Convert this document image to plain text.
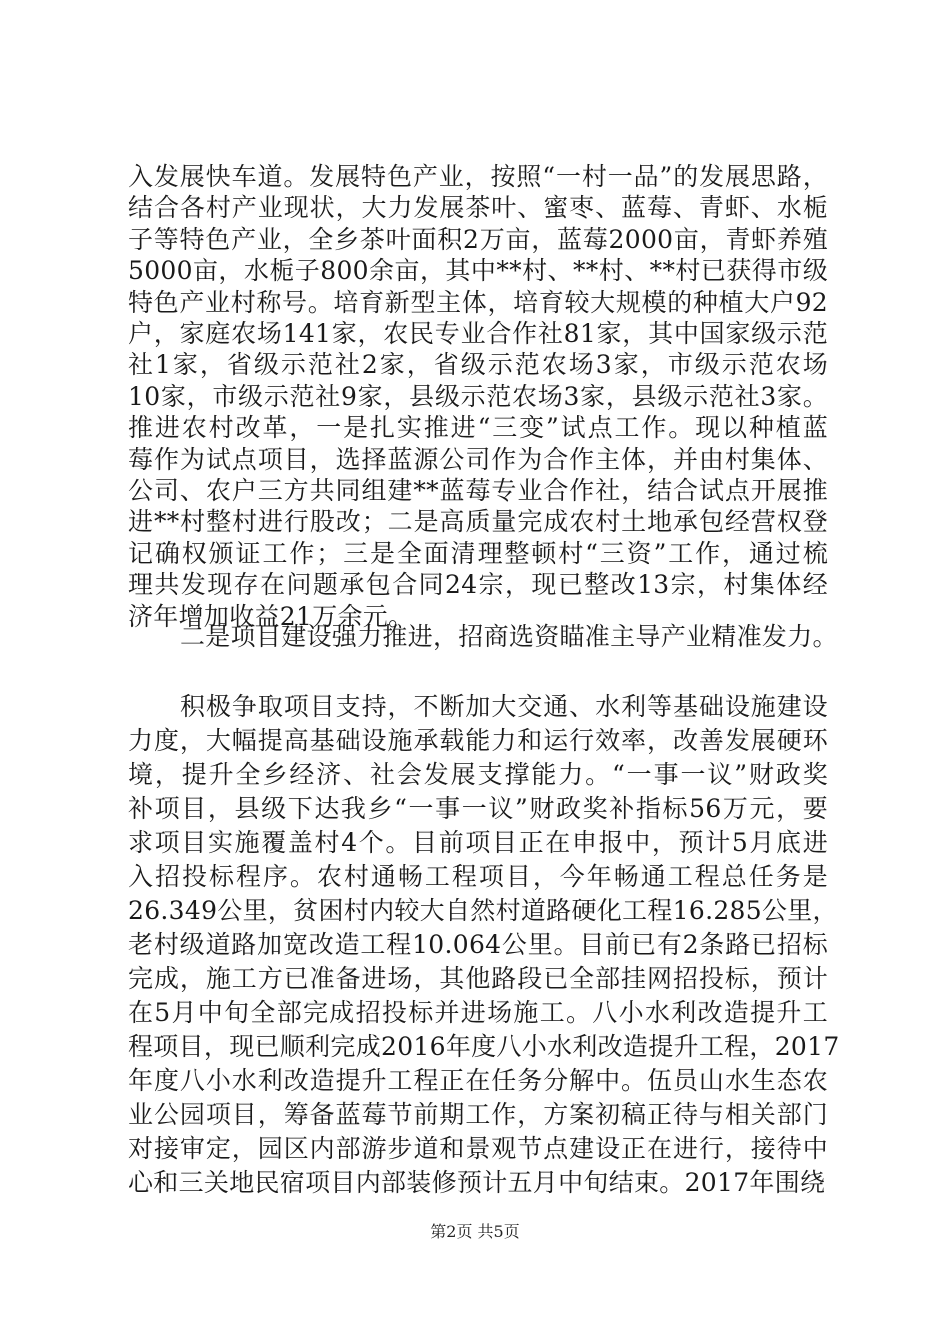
入发展快车道。发展特色产业，按照“一村一品”的发展思路，
结合各村产业现状，大力发展茶叶、蜜枣、蓝莓、青虾、水栀
子等特色产业，全乡茶叶面积2万亩，蓝莓2000亩，青虾养殖
5000亩，水栀子800余亩，其中**村、**村、**村已获得市级
特色产业村称号。培育新型主体，培育较大规模的种植大户92
户，家庭农场141家，农民专业合作社81家，其中国家级示范
社1家，省级示范社2家，省级示范农场3家，市级示范农场
10家，市级示范社9家，县级示范农场3家，县级示范社3家。
推进农村改革，一是扎实推进“三变”试点工作。现以种植蓝
莓作为试点项目，选择蓝源公司作为合作主体，并由村集体、
公司、农户三方共同组建**蓝莓专业合作社，结合试点开展推
进**村整村进行股改；二是高质量完成农村土地承包经营权登
记确权颁证工作；三是全面清理整顿村“三资”工作，通过梳
理共发现存在问题承包合同24宗，现已整改13宗，村集体经
济年增加收益21万余元。
二是项目建设强力推进，招商选资瞄准主导产业精准发力。
积极争取项目支持，不断加大交通、水利等基础设施建设
力度，大幅提高基础设施承载能力和运行效率，改善发展硬环
境，提升全乡经济、社会发展支撑能力。“一事一议”财政奖
补项目，县级下达我乡“一事一议”财政奖补指标56万元，要
求项目实施覆盖村4个。目前项目正在申报中，预计5月底进
入招投标程序。农村通畅工程项目，今年畅通工程总任务是
26.349公里，贫困村内较大自然村道路硬化工程16.285公里，
老村级道路加宽改造工程10.064公里。目前已有2条路已招标
完成，施工方已准备进场，其他路段已全部挂网招投标，预计
在5月中旬全部完成招投标并进场施工。八小水利改造提升工
程项目，现已顺利完成2016年度八小水利改造提升工程，2017
年度八小水利改造提升工程正在任务分解中。伍员山水生态农
业公园项目，筹备蓝莓节前期工作，方案初稿正待与相关部门
对接审定，园区内部游步道和景观节点建设正在进行，接待中
心和三关地民宿项目内部装修预计五月中旬结束。2017年围绕
第2页 共5页
